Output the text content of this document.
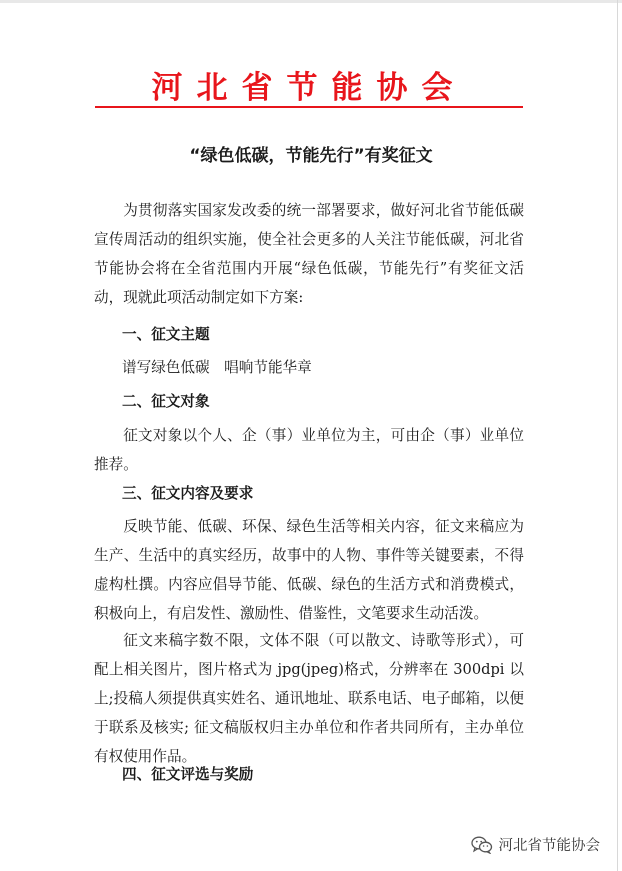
河北省节能协会
“绿色低碳，节能先行”有奖征文

为贯彻落实国家发改委的统一部署要求，做好河北省节能低碳宣传周活动的组织实施，使全社会更多的人关注节能低碳，河北省节能协会将在全省范围内开展“绿色低碳，节能先行”有奖征文活动，现就此项活动制定如下方案:

一、征文主题
谱写绿色低碳　唱响节能华章
二、征文对象

征文对象以个人、企（事）业单位为主，可由企（事）业单位推荐。

三、征文内容及要求

反映节能、低碳、环保、绿色生活等相关内容，征文来稿应为生产、生活中的真实经历，故事中的人物、事件等关键要素，不得虚构杜撰。内容应倡导节能、低碳、绿色的生活方式和消费模式，积极向上，有启发性、激励性、借鉴性，文笔要求生动活泼。

征文来稿字数不限，文体不限（可以散文、诗歌等形式），可配上相关图片，图片格式为 jpg(jpeg)格式，分辨率在 300dpi 以上;投稿人须提供真实姓名、通讯地址、联系电话、电子邮箱，以便于联系及核实; 征文稿版权归主办单位和作者共同所有，主办单位有权使用作品。

四、征文评选与奖励
河北省节能协会
